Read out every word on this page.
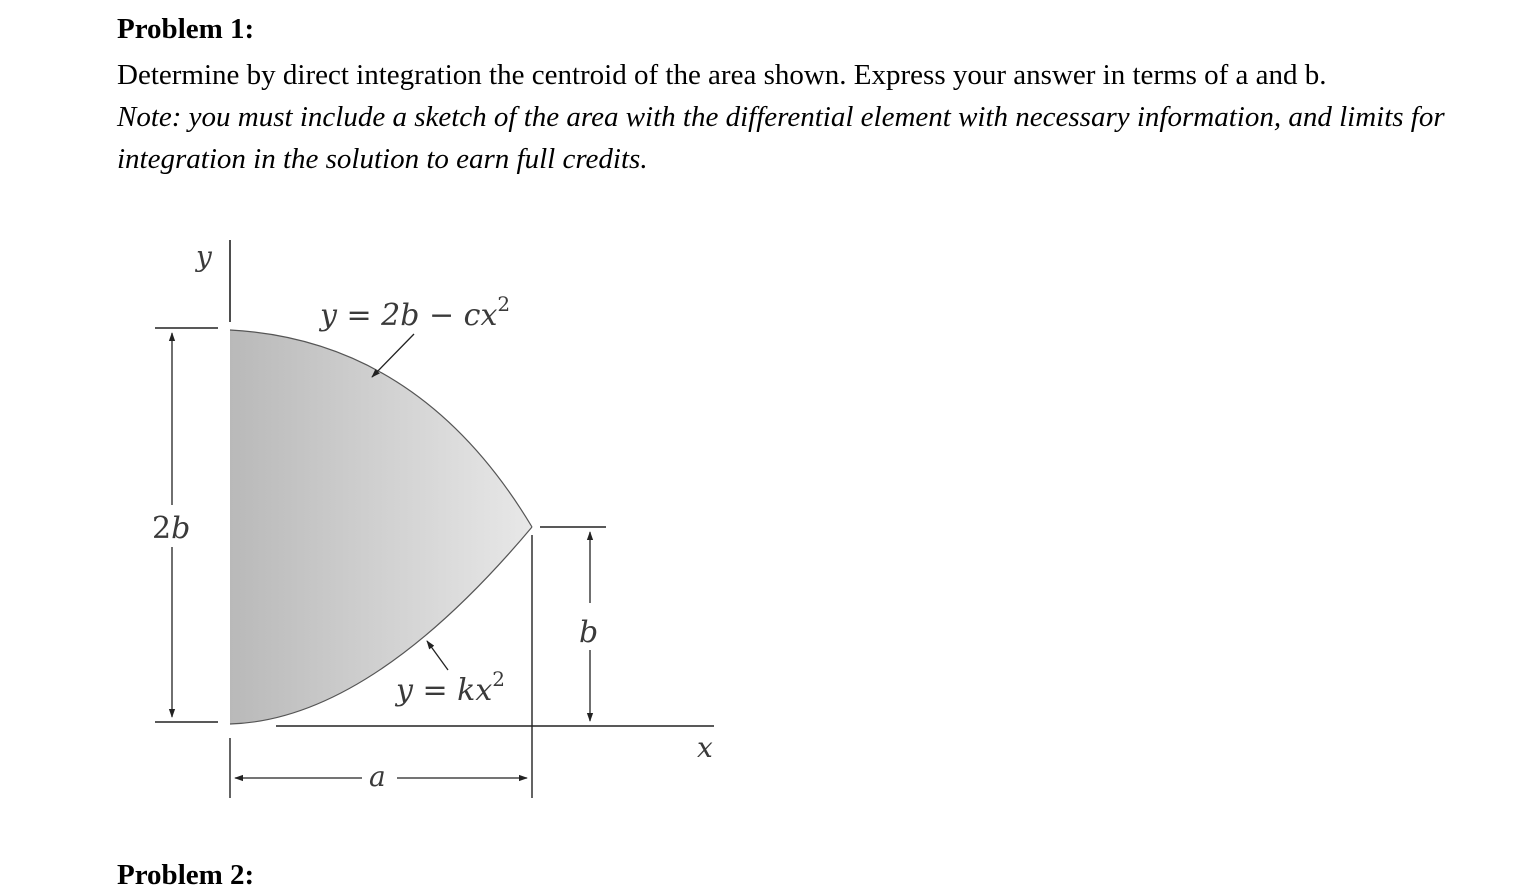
Problem 1:

Determine by direct integration the centroid of the area shown. Express your answer in terms of a and b.
Note: you must include a sketch of the area with the differential element with necessary information, and limits for integration in the solution to earn full credits.

y
x
2b
b
a
$y = 2b - cx^2$
$y = kx^2$
Problem 2:
